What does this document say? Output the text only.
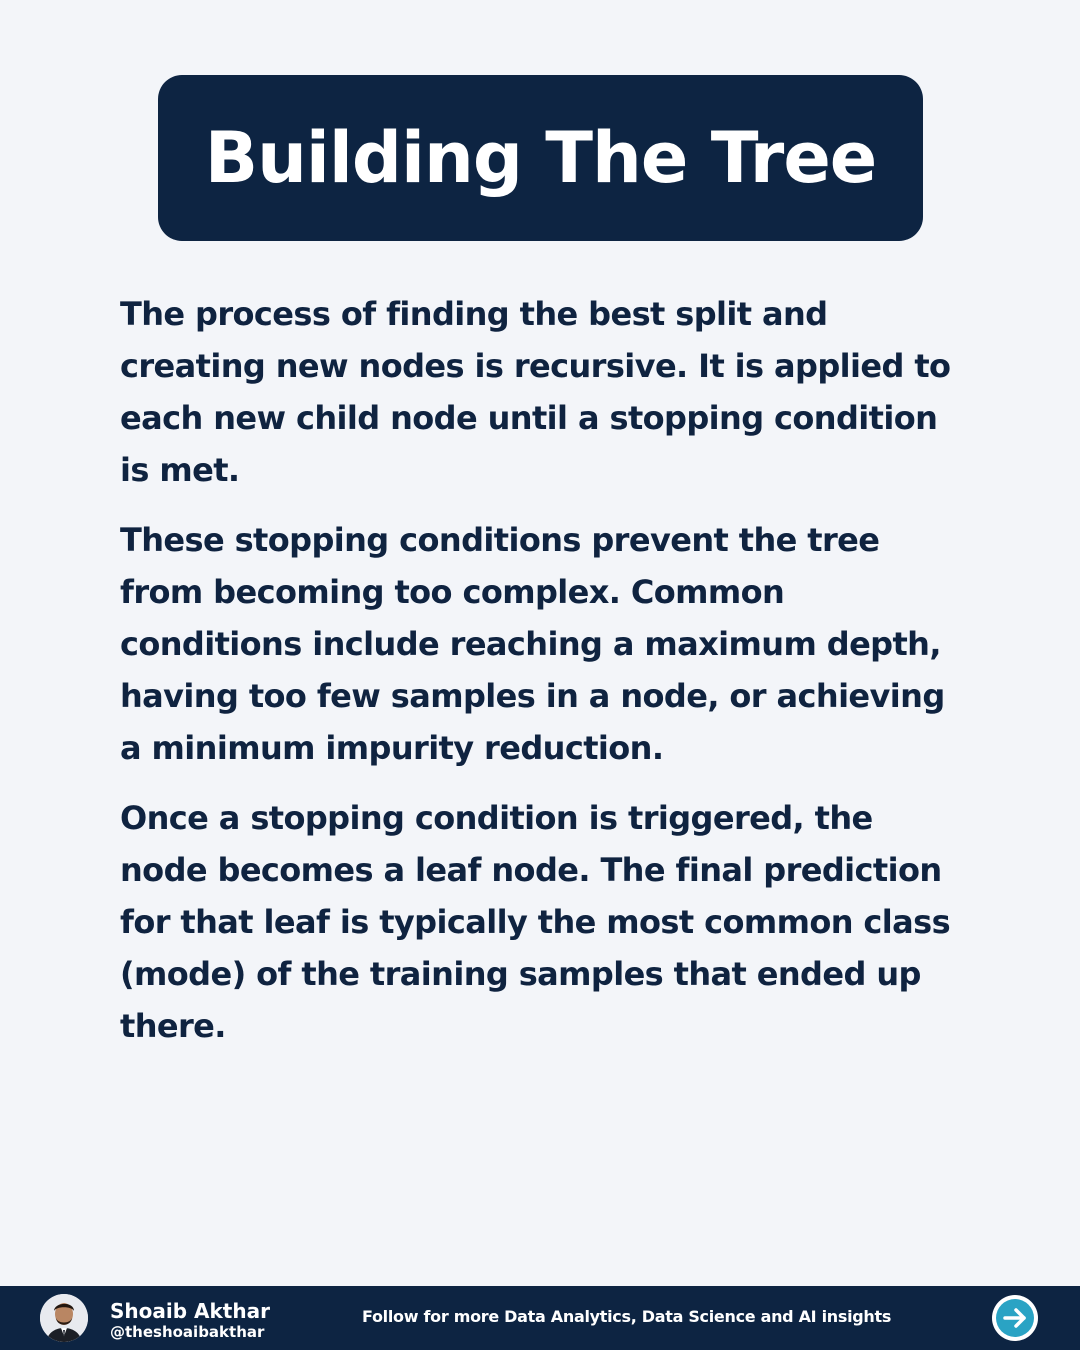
Building The Tree

The process of finding the best split and creating new nodes is recursive. It is applied to each new child node until a stopping condition is met.

These stopping conditions prevent the tree from becoming too complex. Common conditions include reaching a maximum depth, having too few samples in a node, or achieving a minimum impurity reduction.

Once a stopping condition is triggered, the node becomes a leaf node. The final prediction for that leaf is typically the most common class (mode) of the training samples that ended up there.

Shoaib Akthar
@theshoaibakthar
Follow for more Data Analytics, Data Science and AI insights
